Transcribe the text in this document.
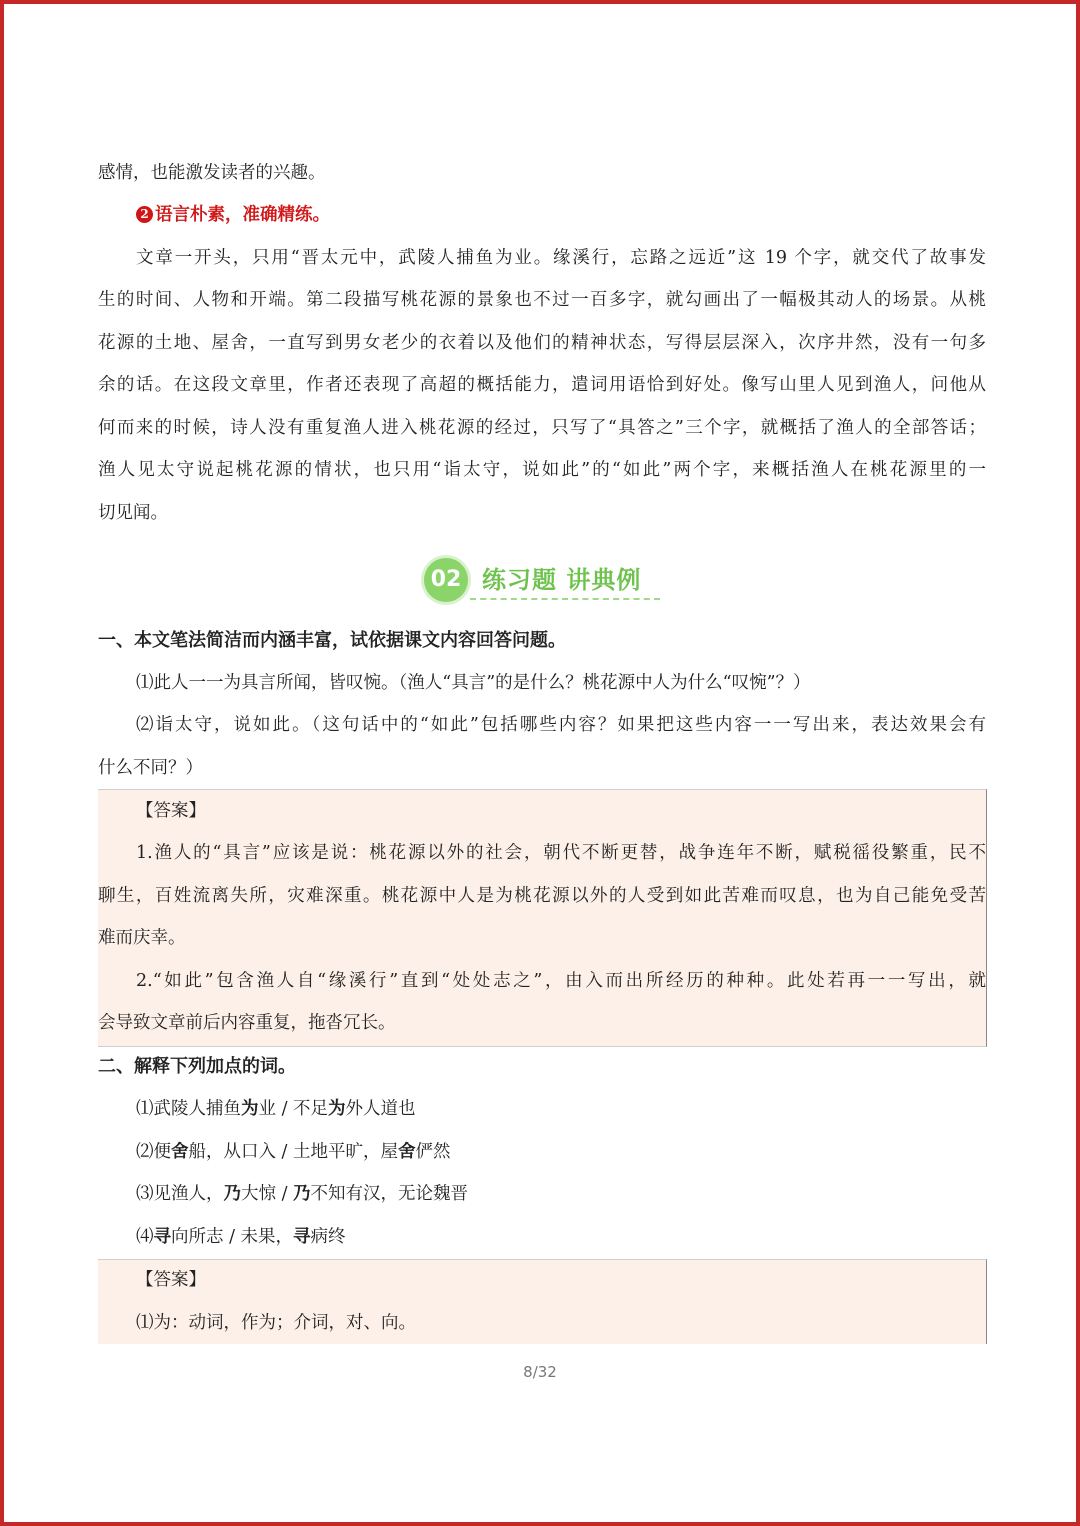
感情，也能激发读者的兴趣。
2 语言朴素，准确精练。
文章一开头，只用“晋太元中，武陵人捕鱼为业。缘溪行，忘路之远近”这 19 个字，就交代了故事发
生的时间、人物和开端。第二段描写桃花源的景象也不过一百多字，就勾画出了一幅极其动人的场景。从桃
花源的土地、屋舍，一直写到男女老少的衣着以及他们的精神状态，写得层层深入，次序井然，没有一句多
余的话。在这段文章里，作者还表现了高超的概括能力，遣词用语恰到好处。像写山里人见到渔人，问他从
何而来的时候，诗人没有重复渔人进入桃花源的经过，只写了“具答之”三个字，就概括了渔人的全部答话；
渔人见太守说起桃花源的情状，也只用“诣太守，说如此”的“如此”两个字，来概括渔人在桃花源里的一
切见闻。
02 练习题 讲典例
一、本文笔法简洁而内涵丰富，试依据课文内容回答问题。
⑴此人一一为具言所闻，皆叹惋。（渔人“具言”的是什么？桃花源中人为什么“叹惋”？）
⑵诣太守，说如此。（这句话中的“如此”包括哪些内容？如果把这些内容一一写出来，表达效果会有
什么不同？）
【答案】
1.渔人的“具言”应该是说：桃花源以外的社会，朝代不断更替，战争连年不断，赋税徭役繁重，民不
聊生，百姓流离失所，灾难深重。桃花源中人是为桃花源以外的人受到如此苦难而叹息，也为自己能免受苦
难而庆幸。
2.“如此”包含渔人自“缘溪行”直到“处处志之”，由入而出所经历的种种。此处若再一一写出，就
会导致文章前后内容重复，拖沓冗长。
二、解释下列加点的词。
⑴武陵人捕鱼为业 / 不足为外人道也
⑵便舍船，从口入 / 土地平旷，屋舍俨然
⑶见渔人，乃大惊 / 乃不知有汉，无论魏晋
⑷寻向所志 / 未果，寻病终
【答案】
⑴为：动词，作为；介词，对、向。
8/32
